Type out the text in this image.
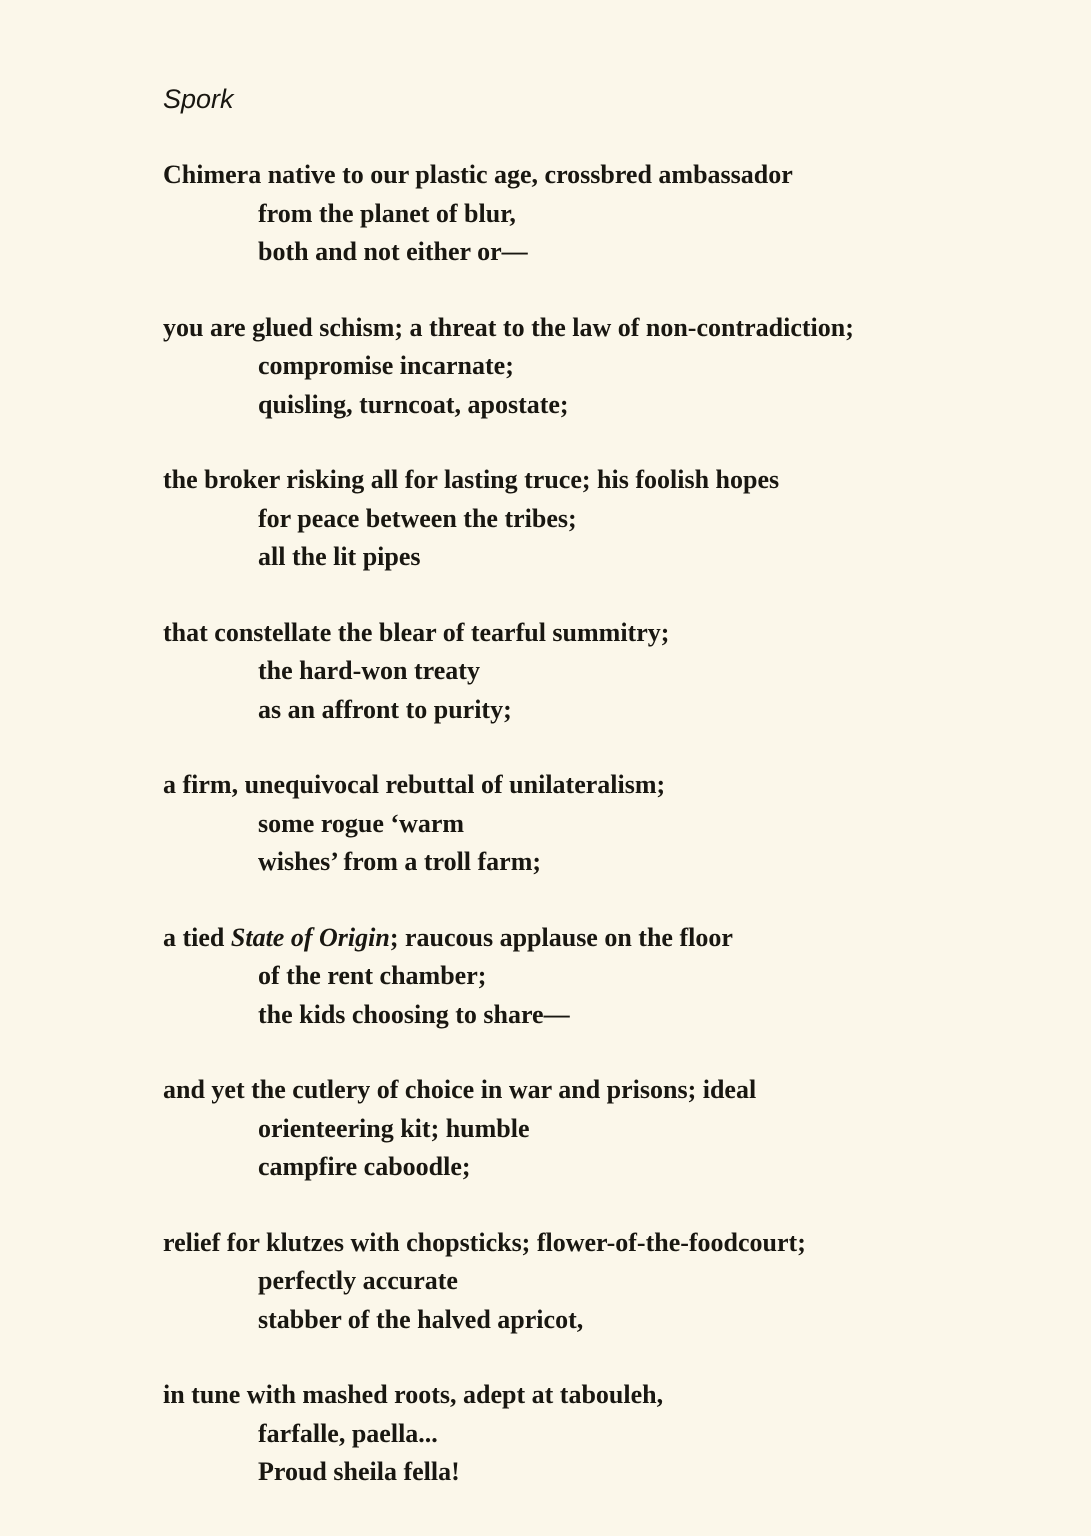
Spork
Chimera native to our plastic age, crossbred ambassador
from the planet of blur,
both and not either or—
you are glued schism; a threat to the law of non-contradiction;
compromise incarnate;
quisling, turncoat, apostate;
the broker risking all for lasting truce; his foolish hopes
for peace between the tribes;
all the lit pipes
that constellate the blear of tearful summitry;
the hard-won treaty
as an affront to purity;
a firm, unequivocal rebuttal of unilateralism;
some rogue ‘warm
wishes’ from a troll farm;
a tied State of Origin; raucous applause on the floor
of the rent chamber;
the kids choosing to share—
and yet the cutlery of choice in war and prisons; ideal
orienteering kit; humble
campfire caboodle;
relief for klutzes with chopsticks; flower-of-the-foodcourt;
perfectly accurate
stabber of the halved apricot,
in tune with mashed roots, adept at tabouleh,
farfalle, paella...
Proud sheila fella!
